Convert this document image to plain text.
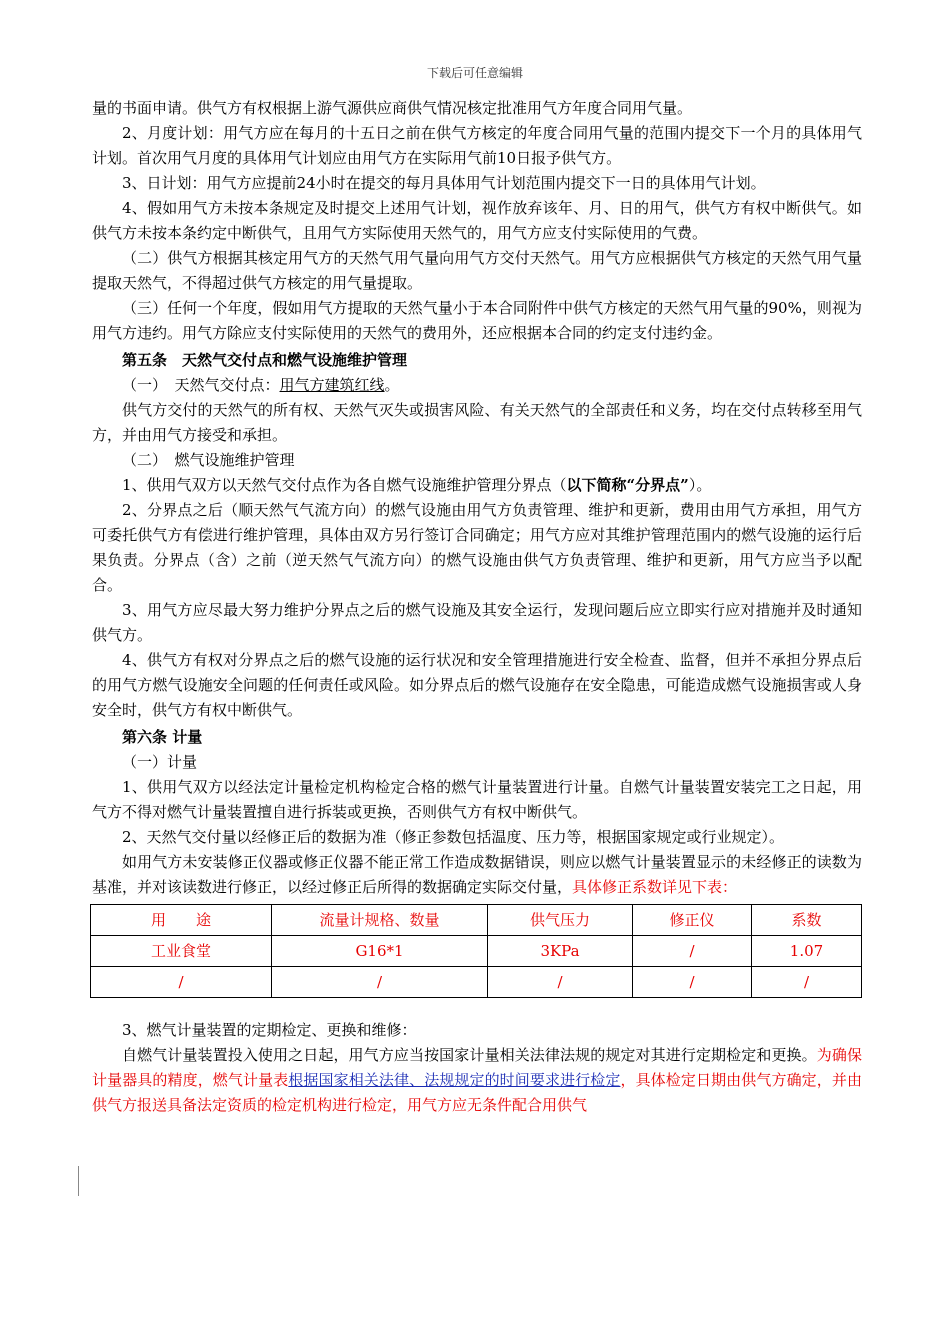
下载后可任意编辑

量的书面申请。供气方有权根据上游气源供应商供气情况核定批准用气方年度合同用气量。

2、月度计划：用气方应在每月的十五日之前在供气方核定的年度合同用气量的范围内提交下一个月的具体用气计划。首次用气月度的具体用气计划应由用气方在实际用气前10日报予供气方。

3、日计划：用气方应提前24小时在提交的每月具体用气计划范围内提交下一日的具体用气计划。

4、假如用气方未按本条规定及时提交上述用气计划，视作放弃该年、月、日的用气，供气方有权中断供气。如供气方未按本条约定中断供气，且用气方实际使用天然气的，用气方应支付实际使用的气费。

（二）供气方根据其核定用气方的天然气用气量向用气方交付天然气。用气方应根据供气方核定的天然气用气量提取天然气，不得超过供气方核定的用气量提取。

（三）任何一个年度，假如用气方提取的天然气量小于本合同附件中供气方核定的天然气用气量的90%，则视为用气方违约。用气方除应支付实际使用的天然气的费用外，还应根据本合同的约定支付违约金。

第五条　天然气交付点和燃气设施维护管理

（一）　天然气交付点：用气方建筑红线。

供气方交付的天然气的所有权、天然气灭失或损害风险、有关天然气的全部责任和义务，均在交付点转移至用气方，并由用气方接受和承担。

（二）　燃气设施维护管理

1、供用气双方以天然气交付点作为各自燃气设施维护管理分界点（以下简称“分界点”）。

2、分界点之后（顺天然气气流方向）的燃气设施由用气方负责管理、维护和更新，费用由用气方承担，用气方可委托供气方有偿进行维护管理，具体由双方另行签订合同确定；用气方应对其维护管理范围内的燃气设施的运行后果负责。分界点（含）之前（逆天然气气流方向）的燃气设施由供气方负责管理、维护和更新，用气方应当予以配合。

3、用气方应尽最大努力维护分界点之后的燃气设施及其安全运行，发现问题后应立即实行应对措施并及时通知供气方。

4、供气方有权对分界点之后的燃气设施的运行状况和安全管理措施进行安全检查、监督，但并不承担分界点后的用气方燃气设施安全问题的任何责任或风险。如分界点后的燃气设施存在安全隐患，可能造成燃气设施损害或人身安全时，供气方有权中断供气。

第六条 计量

（一）计量

1、供用气双方以经法定计量检定机构检定合格的燃气计量装置进行计量。自燃气计量装置安装完工之日起，用气方不得对燃气计量装置擅自进行拆装或更换，否则供气方有权中断供气。

2、天然气交付量以经修正后的数据为准（修正参数包括温度、压力等，根据国家规定或行业规定）。

如用气方未安装修正仪器或修正仪器不能正常工作造成数据错误，则应以燃气计量装置显示的未经修正的读数为基准，并对该读数进行修正，以经过修正后所得的数据确定实际交付量，具体修正系数详见下表：

用　　途	流量计规格、数量	供气压力	修正仪	系数
工业食堂	G16*1	3KPa	/	1.07
/	/	/	/	/

3、燃气计量装置的定期检定、更换和维修：

自燃气计量装置投入使用之日起，用气方应当按国家计量相关法律法规的规定对其进行定期检定和更换。为确保计量器具的精度，燃气计量表根据国家相关法律、法规规定的时间要求进行检定，具体检定日期由供气方确定，并由供气方报送具备法定资质的检定机构进行检定，用气方应无条件配合用供气
